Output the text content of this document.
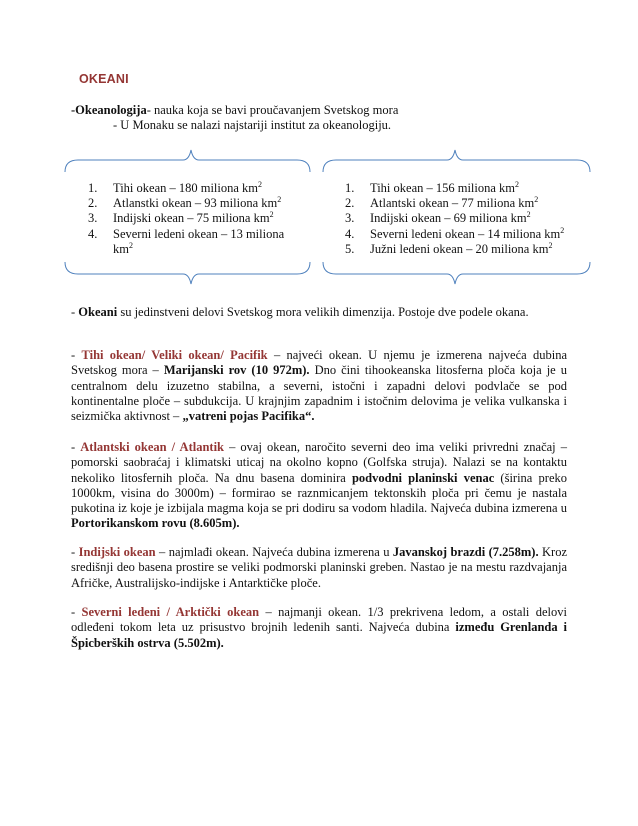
OKEANI
-Okeanologija- nauka koja se bavi proučavanjem Svetskog mora
- U Monaku se nalazi najstariji institut za okeanologiju.
1. Tihi okean – 180 miliona $km^2$
2. Atlanstki okean – 93 miliona $km^2$
3. Indijski okean – 75 miliona $km^2$
4. Severni ledeni okean – 13 miliona
$km^2$
1. Tihi okean – 156 miliona $km^2$
2. Atlantski okean – 77 miliona $km^2$
3. Indijski okean – 69 miliona $km^2$
4. Severni ledeni okean – 14 miliona $km^2$
5. Južni ledeni okean – 20 miliona $km^2$
- Okeani su jedinstveni delovi Svetskog mora velikih dimenzija. Postoje dve podele okana.
- Tihi okean/ Veliki okean/ Pacifik – najveći okean. U njemu je izmerena najveća dubina Svetskog mora – Marijanski rov (10 972m). Dno čini tihookeanska litosferna ploča koja je u centralnom delu izuzetno stabilna, a severni, istočni i zapadni delovi podvlače se pod kontinentalne ploče – subdukcija. U krajnjim zapadnim i istočnim delovima je velika vulkanska i seizmička aktivnost – „vatreni pojas Pacifika“.
- Atlantski okean / Atlantik – ovaj okean, naročito severni deo ima veliki privredni značaj – pomorski saobraćaj i klimatski uticaj na okolno kopno (Golfska struja). Nalazi se na kontaktu nekoliko litosfernih ploča. Na dnu basena dominira podvodni planinski venac (širina preko 1000km, visina do 3000m) – formirao se raznmicanjem tektonskih ploča pri čemu je nastala pukotina iz koje je izbijala magma koja se pri dodiru sa vodom hladila. Najveća dubina izmerena u Portorikanskom rovu (8.605m).
- Indijski okean – najmlađi okean. Najveća dubina izmerena u Javanskoj brazdi (7.258m). Kroz središnji deo basena prostire se veliki podmorski planinski greben. Nastao je na mestu razdvajanja Afričke, Australijsko-indijske i Antarktičke ploče.
- Severni ledeni / Arktički okean – najmanji okean. 1/3 prekrivena ledom, a ostali delovi odleđeni tokom leta uz prisustvo brojnih ledenih santi. Najveća dubina između Grenlanda i Špicberških ostrva (5.502m).
